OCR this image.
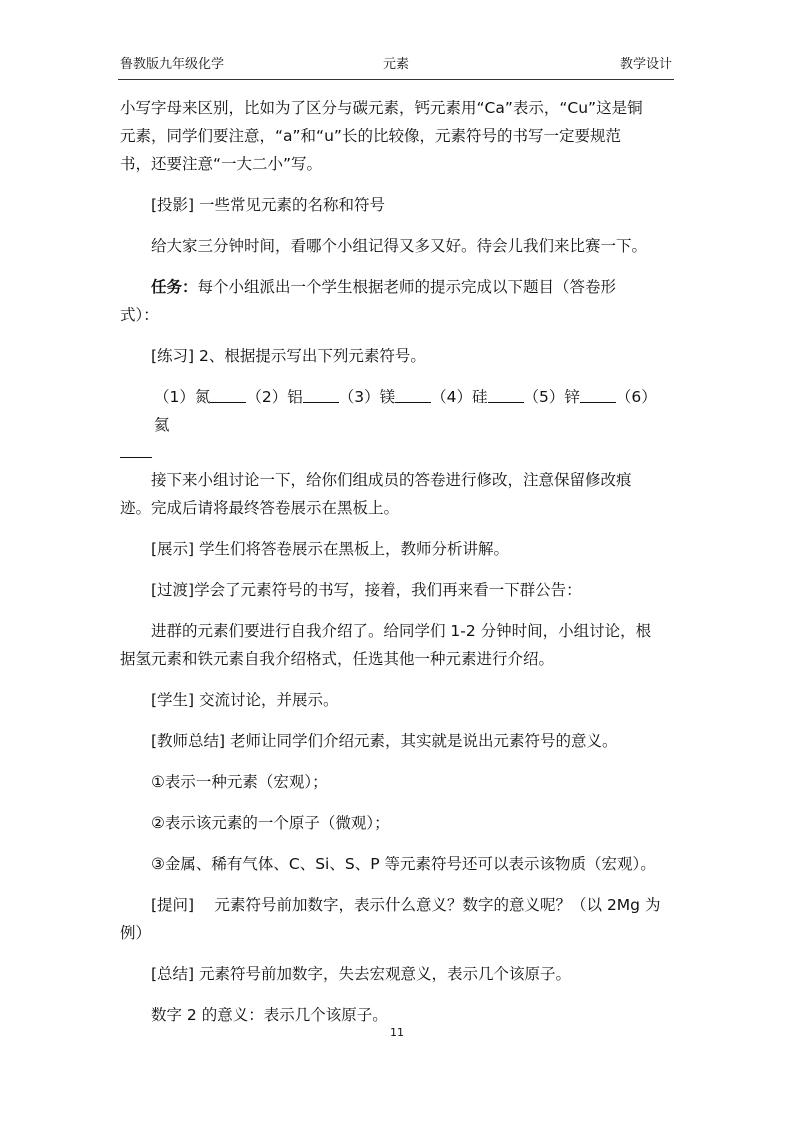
鲁教版九年级化学	元素	教学设计

小写字母来区别，比如为了区分与碳元素，钙元素用“Ca”表示，“Cu”这是铜
元素，同学们要注意，“a”和“u”长的比较像，元素符号的书写一定要规范
书，还要注意“一大二小”写。

[投影] 一些常见元素的名称和符号

给大家三分钟时间，看哪个小组记得又多又好。待会儿我们来比赛一下。

任务：每个小组派出一个学生根据老师的提示完成以下题目（答卷形
式）：

[练习] 2、根据提示写出下列元素符号。

（1）氮 （2）铝 （3）镁 （4）硅 （5）锌 （6）氦

接下来小组讨论一下，给你们组成员的答卷进行修改，注意保留修改痕
迹。完成后请将最终答卷展示在黑板上。

[展示] 学生们将答卷展示在黑板上，教师分析讲解。

[过渡]学会了元素符号的书写，接着，我们再来看一下群公告：

进群的元素们要进行自我介绍了。给同学们 1-2 分钟时间，小组讨论，根
据氢元素和铁元素自我介绍格式，任选其他一种元素进行介绍。

[学生] 交流讨论，并展示。

[教师总结] 老师让同学们介绍元素，其实就是说出元素符号的意义。

①表示一种元素（宏观）；

②表示该元素的一个原子（微观）；

③金属、稀有气体、C、Si、S、P 等元素符号还可以表示该物质（宏观）。

[提问]　 元素符号前加数字，表示什么意义？数字的意义呢？（以 2Mg 为
例）

[总结] 元素符号前加数字，失去宏观意义，表示几个该原子。

数字 2 的意义：表示几个该原子。

11
